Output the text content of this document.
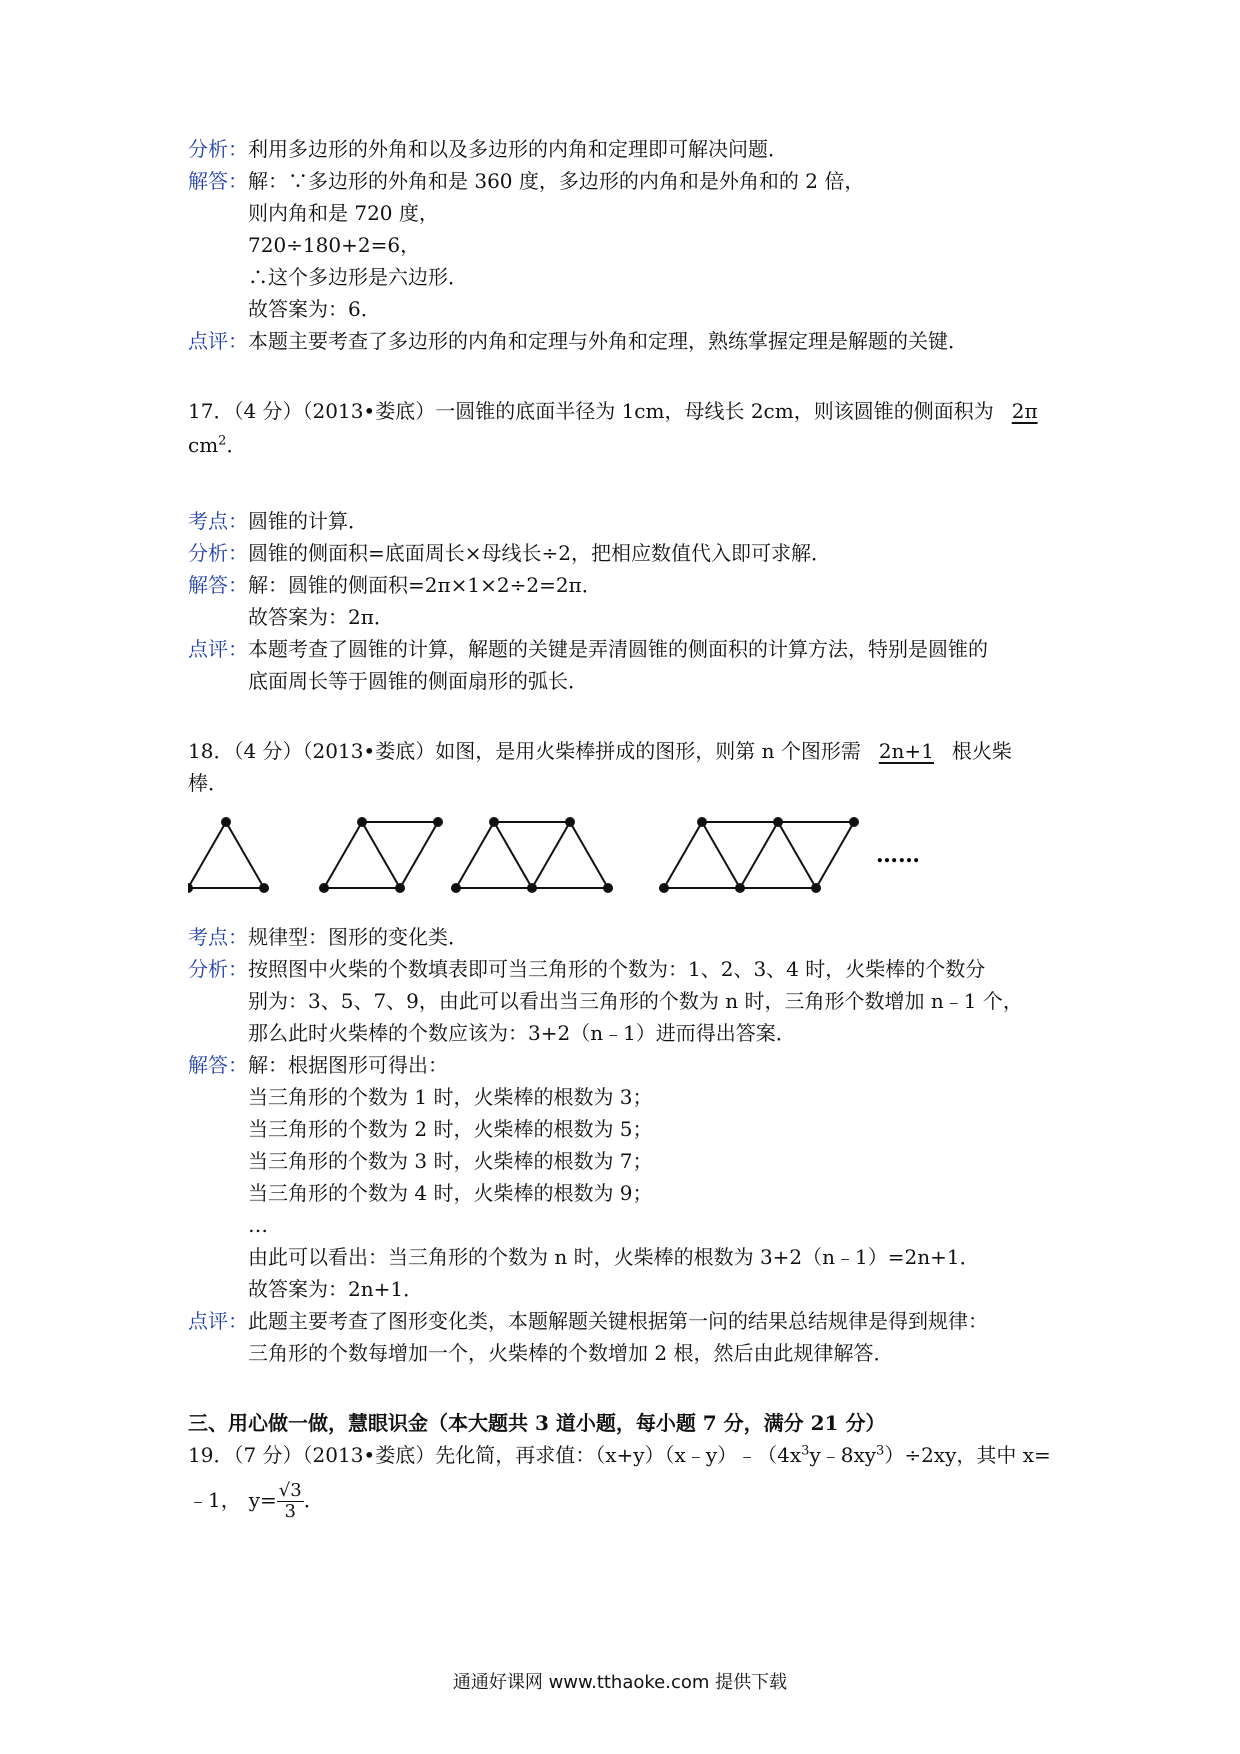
分析：利用多边形的外角和以及多边形的内角和定理即可解决问题．
解答：解：∵多边形的外角和是 360 度，多边形的内角和是外角和的 2 倍，
则内角和是 720 度，
720÷180+2=6，
∴这个多边形是六边形．
故答案为：6．
点评：本题主要考查了多边形的内角和定理与外角和定理，熟练掌握定理是解题的关键．
17．（4 分）（2013•娄底）一圆锥的底面半径为 1cm，母线长 2cm，则该圆锥的侧面积为 2π
$cm^2$．
考点：圆锥的计算．
分析：圆锥的侧面积=底面周长×母线长÷2，把相应数值代入即可求解．
解答：解：圆锥的侧面积=2π×1×2÷2=2π．
故答案为：2π．
点评：本题考查了圆锥的计算，解题的关键是弄清圆锥的侧面积的计算方法，特别是圆锥的
底面周长等于圆锥的侧面扇形的弧长．
18．（4 分）（2013•娄底）如图，是用火柴棒拼成的图形，则第 n 个图形需 2n+1 根火柴
棒．
……
考点：规律型：图形的变化类．
分析：按照图中火柴的个数填表即可当三角形的个数为：1、2、3、4 时，火柴棒的个数分
别为：3、5、7、9，由此可以看出当三角形的个数为 n 时，三角形个数增加 n﹣1 个，
那么此时火柴棒的个数应该为：3+2（n﹣1）进而得出答案．
解答：解：根据图形可得出：
当三角形的个数为 1 时，火柴棒的根数为 3；
当三角形的个数为 2 时，火柴棒的根数为 5；
当三角形的个数为 3 时，火柴棒的根数为 7；
当三角形的个数为 4 时，火柴棒的根数为 9；
…
由此可以看出：当三角形的个数为 n 时，火柴棒的根数为 3+2（n﹣1）=2n+1．
故答案为：2n+1．
点评：此题主要考查了图形变化类，本题解题关键根据第一问的结果总结规律是得到规律：
三角形的个数每增加一个，火柴棒的个数增加 2 根，然后由此规律解答．
三、用心做一做，慧眼识金（本大题共 3 道小题，每小题 7 分，满分 21 分）
19．（7 分）（2013•娄底）先化简，再求值：$(x+y)(x﹣y)﹣(4x^3y﹣8xy^3)\div 2xy$，其中 x=
﹣1， $y= \frac{√3}{3}$ ．
通通好课网 www.tthaoke.com 提供下载
